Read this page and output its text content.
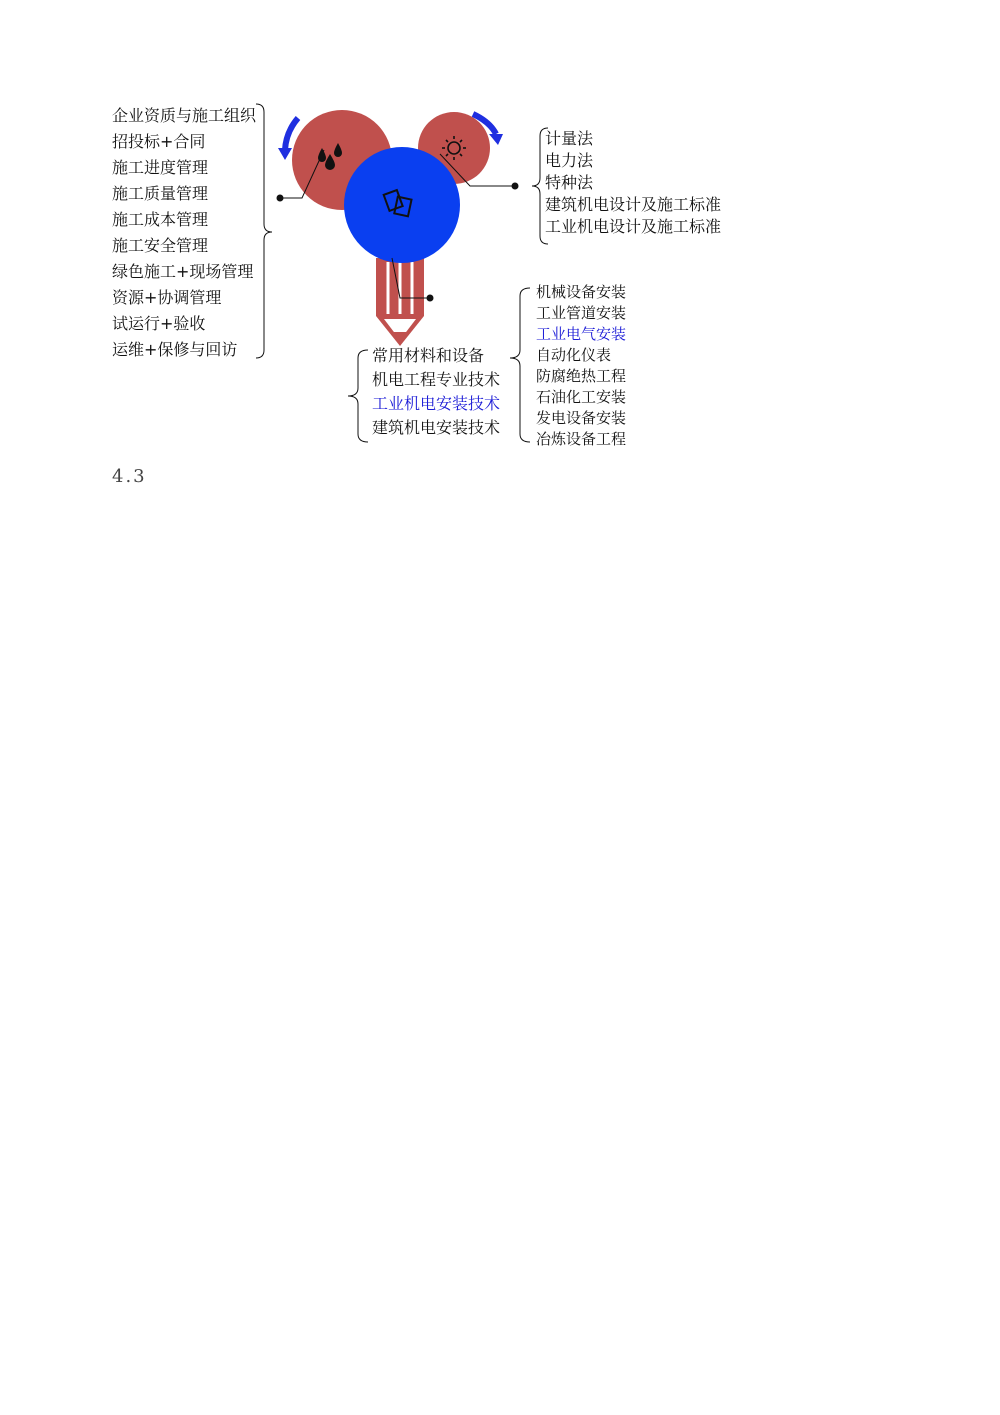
企业资质与施工组织
招投标+合同
施工进度管理
施工质量管理
施工成本管理
施工安全管理
绿色施工+现场管理
资源+协调管理
试运行+验收
运维+保修与回访
计量法
电力法
特种法
建筑机电设计及施工标准
工业机电设计及施工标准
常用材料和设备
机电工程专业技术
工业机电安装技术
建筑机电安装技术
机械设备安装
工业管道安装
工业电气安装
自动化仪表
防腐绝热工程
石油化工安装
发电设备安装
冶炼设备工程
4.3
